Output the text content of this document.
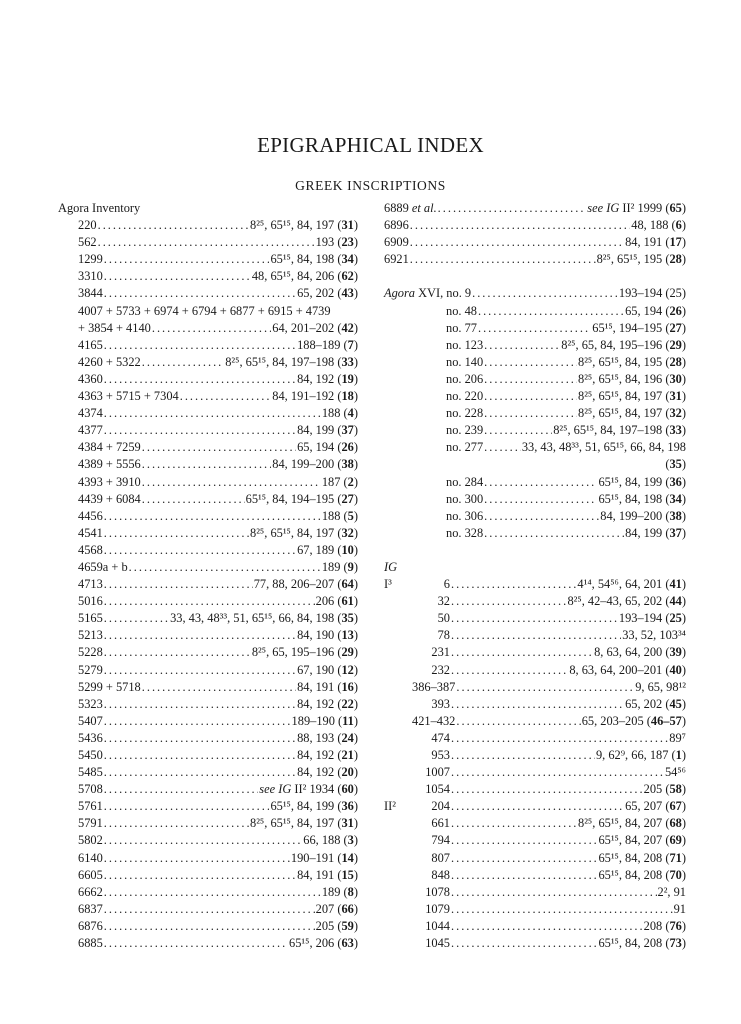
EPIGRAPHICAL INDEX
GREEK INSCRIPTIONS
Agora Inventory
220 . . .	8²⁵, 65¹⁵, 84, 197 (31)
562 . . .	193 (23)
1299 . . .	65¹⁵, 84, 198 (34)
3310 . . .	48, 65¹⁵, 84, 206 (62)
3844 . . .	65, 202 (43)
4007 + 5733 + 6974 + 6794 + 6877 + 6915 + 4739
+ 3854 + 4140 . . .	64, 201–202 (42)
4165 . . .	188–189 (7)
4260 + 5322 . . .	8²⁵, 65¹⁵, 84, 197–198 (33)
4360 . . .	84, 192 (19)
4363 + 5715 + 7304 . . .	84, 191–192 (18)
4374 . . .	188 (4)
4377 . . .	84, 199 (37)
4384 + 7259 . . .	65, 194 (26)
4389 + 5556 . . .	84, 199–200 (38)
4393 + 3910 . . .	187 (2)
4439 + 6084 . . .	65¹⁵, 84, 194–195 (27)
4456 . . .	188 (5)
4541 . . .	8²⁵, 65¹⁵, 84, 197 (32)
4568 . . .	67, 189 (10)
4659a + b . . .	189 (9)
4713 . . .	77, 88, 206–207 (64)
5016 . . .	206 (61)
5165 . . .	33, 43, 48³³, 51, 65¹⁵, 66, 84, 198 (35)
5213 . . .	84, 190 (13)
5228 . . .	8²⁵, 65, 195–196 (29)
5279 . . .	67, 190 (12)
5299 + 5718 . . .	84, 191 (16)
5323 . . .	84, 192 (22)
5407 . . .	189–190 (11)
5436 . . .	88, 193 (24)
5450 . . .	84, 192 (21)
5485 . . .	84, 192 (20)
5708 . . .	see IG II² 1934 (60)
5761 . . .	65¹⁵, 84, 199 (36)
5791 . . .	8²⁵, 65¹⁵, 84, 197 (31)
5802 . . .	66, 188 (3)
6140 . . .	190–191 (14)
6605 . . .	84, 191 (15)
6662 . . .	189 (8)
6837 . . .	207 (66)
6876 . . .	205 (59)
6885 . . .	65¹⁵, 206 (63)
6889 et al. . . .	see IG II² 1999 (65)
6896 . . .	48, 188 (6)
6909 . . .	84, 191 (17)
6921 . . .	8²⁵, 65¹⁵, 195 (28)
Agora XVI, no. 9 . . .	193–194 (25)
no. 48 . . .	65, 194 (26)
no. 77 . . .	65¹⁵, 194–195 (27)
no. 123 . . .	8²⁵, 65, 84, 195–196 (29)
no. 140 . . .	8²⁵, 65¹⁵, 84, 195 (28)
no. 206 . . .	8²⁵, 65¹⁵, 84, 196 (30)
no. 220 . . .	8²⁵, 65¹⁵, 84, 197 (31)
no. 228 . . .	8²⁵, 65¹⁵, 84, 197 (32)
no. 239 . . .	8²⁵, 65¹⁵, 84, 197–198 (33)
no. 277 . . .	33, 43, 48³³, 51, 65¹⁵, 66, 84, 198
(35)
no. 284 . . .	65¹⁵, 84, 199 (36)
no. 300 . . .	65¹⁵, 84, 198 (34)
no. 306 . . .	84, 199–200 (38)
no. 328 . . .	84, 199 (37)
IG
I³	6 . . .	4¹⁴, 54⁵⁶, 64, 201 (41)
32 . . .	8²⁵, 42–43, 65, 202 (44)
50 . . .	193–194 (25)
78 . . .	33, 52, 103³⁴
231 . . .	8, 63, 64, 200 (39)
232 . . .	8, 63, 64, 200–201 (40)
386–387 . . .	9, 65, 98¹²
393 . . .	65, 202 (45)
421–432 . . .	65, 203–205 (46–57)
474 . . .	89⁷
953 . . .	9, 62⁹, 66, 187 (1)
1007 . . .	54⁵⁶
1054 . . .	205 (58)
II²	204 . . .	65, 207 (67)
661 . . .	8²⁵, 65¹⁵, 84, 207 (68)
794 . . .	65¹⁵, 84, 207 (69)
807 . . .	65¹⁵, 84, 208 (71)
848 . . .	65¹⁵, 84, 208 (70)
1078 . . .	2², 91
1079 . . .	91
1044 . . .	208 (76)
1045 . . .	65¹⁵, 84, 208 (73)
